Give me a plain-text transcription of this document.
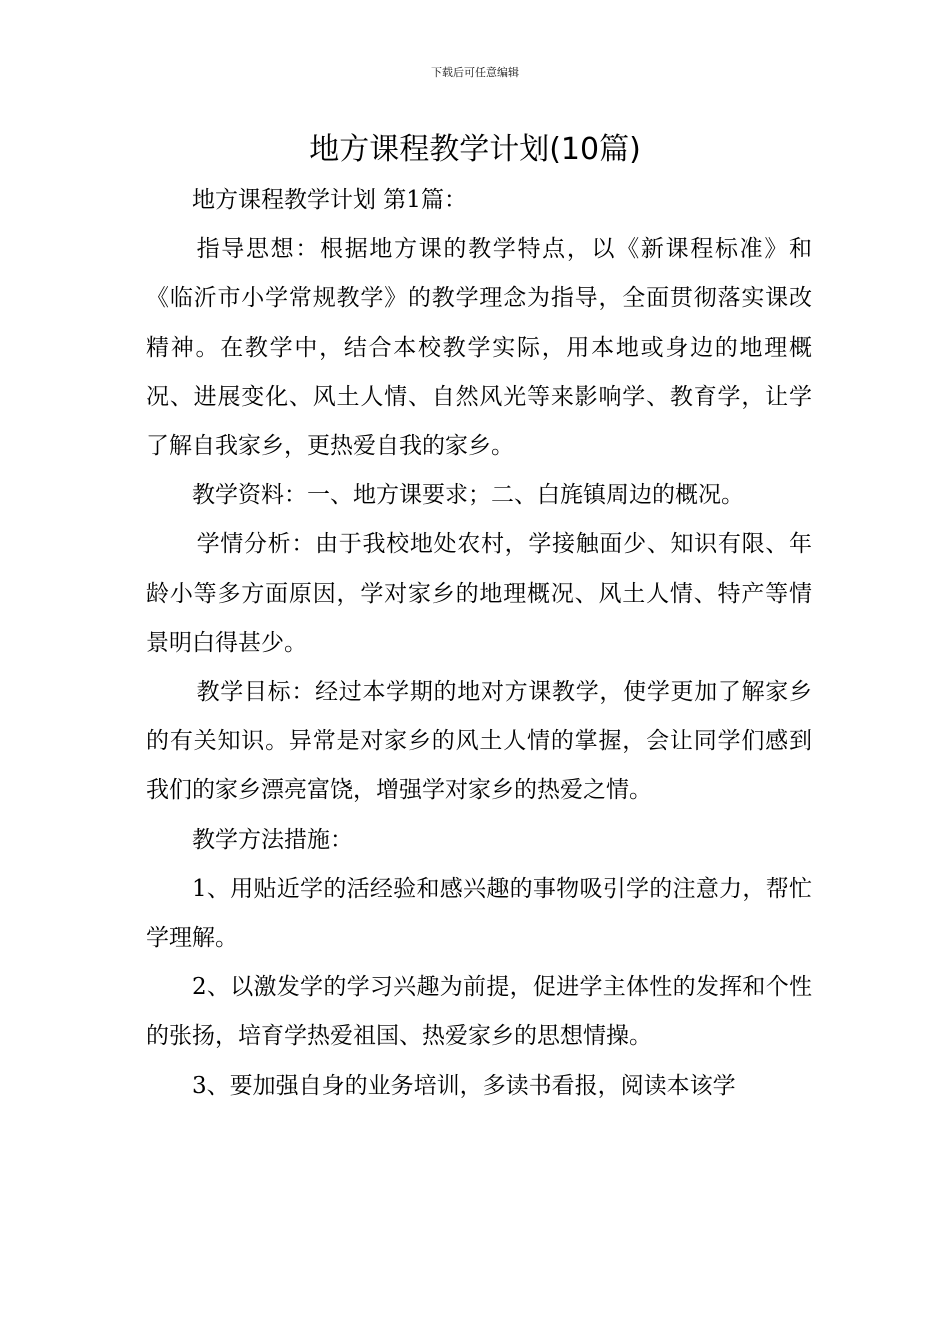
下载后可任意编辑
地方课程教学计划(10篇)

地方课程教学计划 第1篇：

指导思想：根据地方课的教学特点，以《新课程标准》和《临沂市小学常规教学》的教学理念为指导，全面贯彻落实课改精神。在教学中，结合本校教学实际，用本地或身边的地理概况、进展变化、风土人情、自然风光等来影响学、教育学，让学了解自我家乡，更热爱自我的家乡。

教学资料：一、地方课要求；二、白旄镇周边的概况。

学情分析：由于我校地处农村，学接触面少、知识有限、年龄小等多方面原因，学对家乡的地理概况、风土人情、特产等情景明白得甚少。

教学目标：经过本学期的地对方课教学，使学更加了解家乡的有关知识。异常是对家乡的风土人情的掌握，会让同学们感到我们的家乡漂亮富饶，增强学对家乡的热爱之情。

教学方法措施：

1、用贴近学的活经验和感兴趣的事物吸引学的注意力，帮忙学理解。

2、以激发学的学习兴趣为前提，促进学主体性的发挥和个性的张扬，培育学热爱祖国、热爱家乡的思想情操。

3、要加强自身的业务培训，多读书看报，阅读本该学
